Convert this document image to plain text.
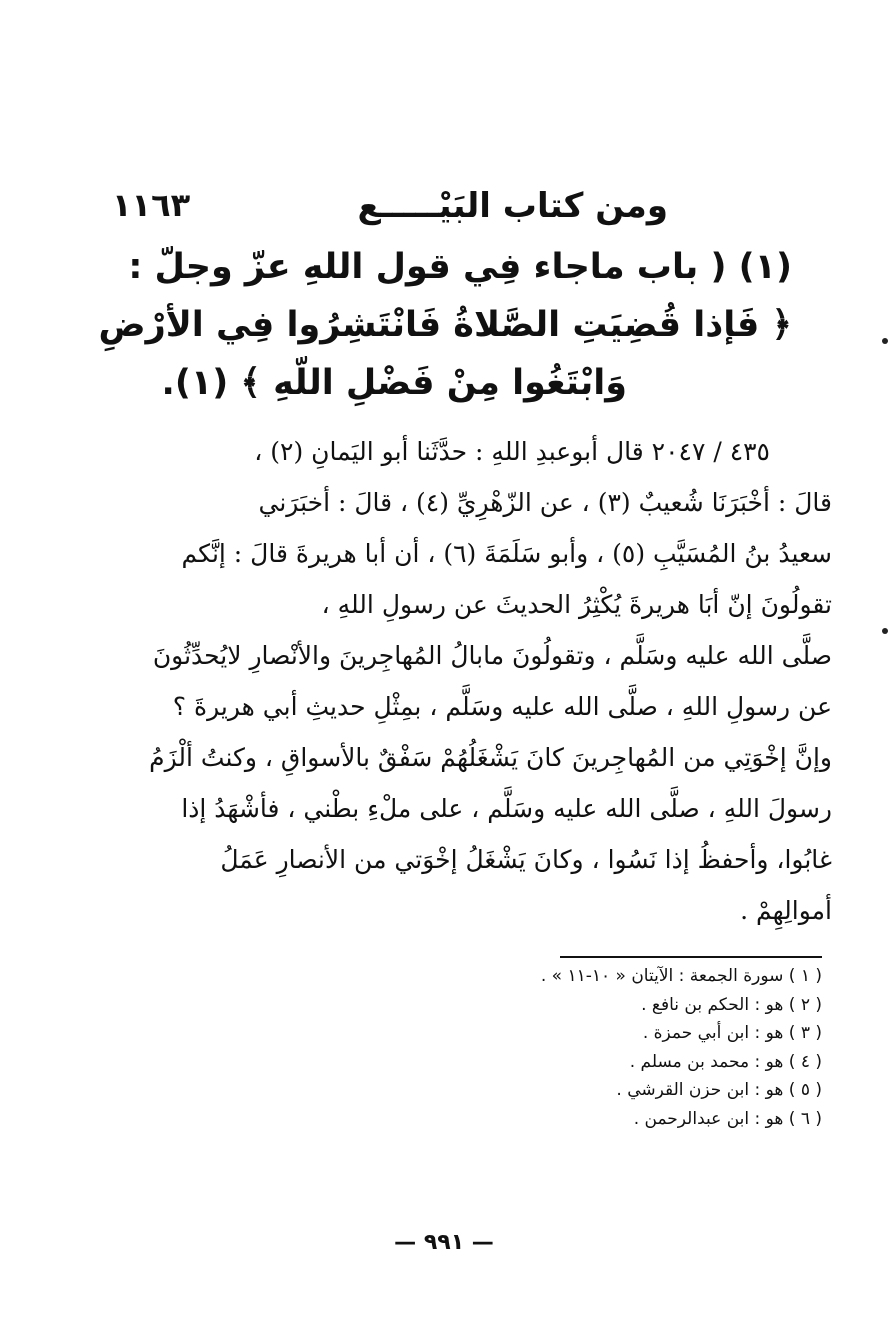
ومن كتاب البَيْـــــع
١١٦٣
(١) ( باب ماجاء فِي قول اللهِ عزّ وجلّ :
﴿ فَإذا قُضِيَتِ الصَّلاةُ فَانْتَشِرُوا فِي الأرْضِ
وَابْتَغُوا مِنْ فَضْلِ اللّهِ ﴾ (١).
٤٣٥ / ٢٠٤٧ قال أبوعبدِ اللهِ : حدَّثَنا أبو اليَمانِ (٢) ،
قالَ : أخْبَرَنَا شُعيبٌ (٣) ، عن الزّهْرِيِّ (٤) ، قالَ : أخبَرَني
سعيدُ بنُ المُسَيَّبِ (٥) ، وأبو سَلَمَةَ (٦) ، أن أبا هريرةَ قالَ : إنَّكم
تقولُونَ إنّ أبَا هريرةَ يُكْثِرُ الحديثَ عن رسولِ اللهِ ،
صلَّى الله عليه وسَلَّم ، وتقولُونَ مابالُ المُهاجِرينَ والأنْصارِ لايُحدِّثُونَ
عن رسولِ اللهِ ، صلَّى الله عليه وسَلَّم ، بمِثْلِ حديثِ أبي هريرةَ ؟
وإنَّ إخْوَتِي من المُهاجِرينَ كانَ يَشْغَلُهُمْ سَفْقٌ بالأسواقِ ، وكنتُ ألْزَمُ
رسولَ اللهِ ، صلَّى الله عليه وسَلَّم ، على ملْءِ بطْني ، فأشْهَدُ إذا
غابُوا، وأحفظُ إذا نَسُوا ، وكانَ يَشْغَلُ إخْوَتي من الأنصارِ عَمَلُ
أموالِهِمْ .
( ١ ) سورة الجمعة : الآيتان « ١٠-١١ » .
( ٢ ) هو : الحكم بن نافع .
( ٣ ) هو : ابن أبي حمزة .
( ٤ ) هو : محمد بن مسلم .
( ٥ ) هو : ابن حزن القرشي .
( ٦ ) هو : ابن عبدالرحمن .
— ٩٩١ —
